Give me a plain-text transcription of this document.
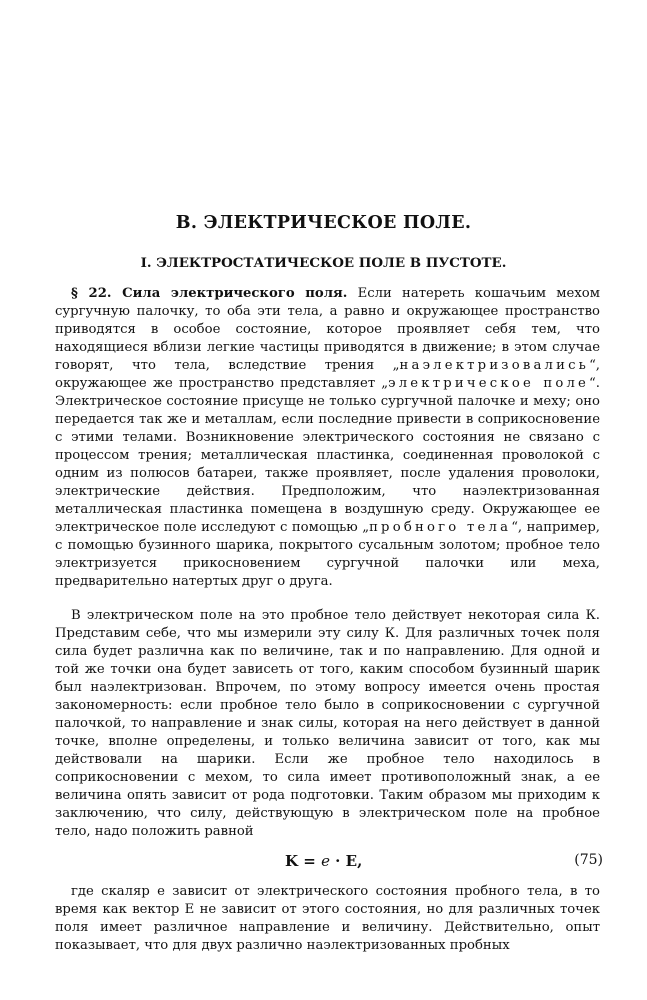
B. ЭЛЕКТРИЧЕСКОЕ ПОЛЕ.
I. ЭЛЕКТРОСТАТИЧЕСКОЕ ПОЛЕ В ПУСТОТЕ.

§ 22. Сила электрического поля. Если натереть кошачьим мехом сургучную палочку, то оба эти тела, а равно и окружающее пространство приводятся в особое состояние, которое проявляет себя тем, что находящиеся вблизи легкие частицы приводятся в движение; в этом случае говорят, что тела, вследствие трения „наэлектризовались“, окружающее же пространство представляет „электрическое поле“. Электрическое состояние присуще не только сургучной палочке и меху; оно передается так же и металлам, если последние привести в соприкосновение с этими телами. Возникновение электрического состояния не связано с процессом трения; металлическая пластинка, соединенная проволокой с одним из полюсов батареи, также проявляет, после удаления проволоки, электрические действия. Предположим, что наэлектризованная металлическая пластинка помещена в воздушную среду. Окружающее ее электрическое поле исследуют с помощью „пробного тела“, например, с помощью бузинного шарика, покрытого сусальным золотом; пробное тело электризуется прикосновением сургучной палочки или меха, предварительно натертых друг о друга.

В электрическом поле на это пробное тело действует некоторая сила К. Представим себе, что мы измерили эту силу К. Для различных точек поля сила будет различна как по величине, так и по направлению. Для одной и той же точки она будет зависеть от того, каким способом бузинный шарик был наэлектризован. Впрочем, по этому вопросу имеется очень простая закономерность: если пробное тело было в соприкосновении с сургучной палочкой, то направление и знак силы, которая на него действует в данной точке, вполне определены, и только величина зависит от того, как мы действовали на шарики. Если же пробное тело находилось в соприкосновении с мехом, то сила имеет противоположный знак, а ее величина опять зависит от рода подготовки. Таким образом мы приходим к заключению, что силу, действующую в электрическом поле на пробное тело, надо положить равной

K = e · E,	(75)

где скаляр e зависит от электрического состояния пробного тела, в то время как вектор E не зависит от этого состояния, но для различных точек поля имеет различное направление и величину. Действительно, опыт показывает, что для двух различно наэлектризованных пробных
